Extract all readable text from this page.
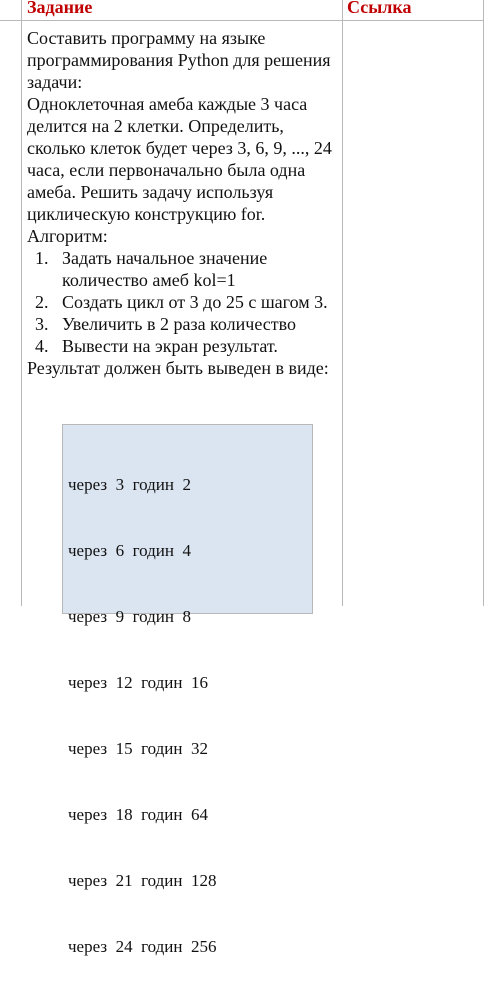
Задание	Ссылка

Составить программу на языке программирования Python для решения задачи:

Одноклеточная амеба каждые 3 часа делится на 2 клетки. Определить, сколько клеток будет через 3, 6, 9, ..., 24 часа, если первоначально была одна амеба. Решить задачу используя циклическую конструкцию for.

Алгоритм:

1. Задать начальное значение количество амеб kol=1
2. Создать цикл от 3 до 25 с шагом 3.
3. Увеличить в 2 раза количество
4. Вывести на экран результат.

Результат должен быть выведен в виде:

через  3  годин  2

через  6  годин  4

через  9  годин  8

через  12  годин  16

через  15  годин  32

через  18  годин  64

через  21  годин  128

через  24  годин  256
